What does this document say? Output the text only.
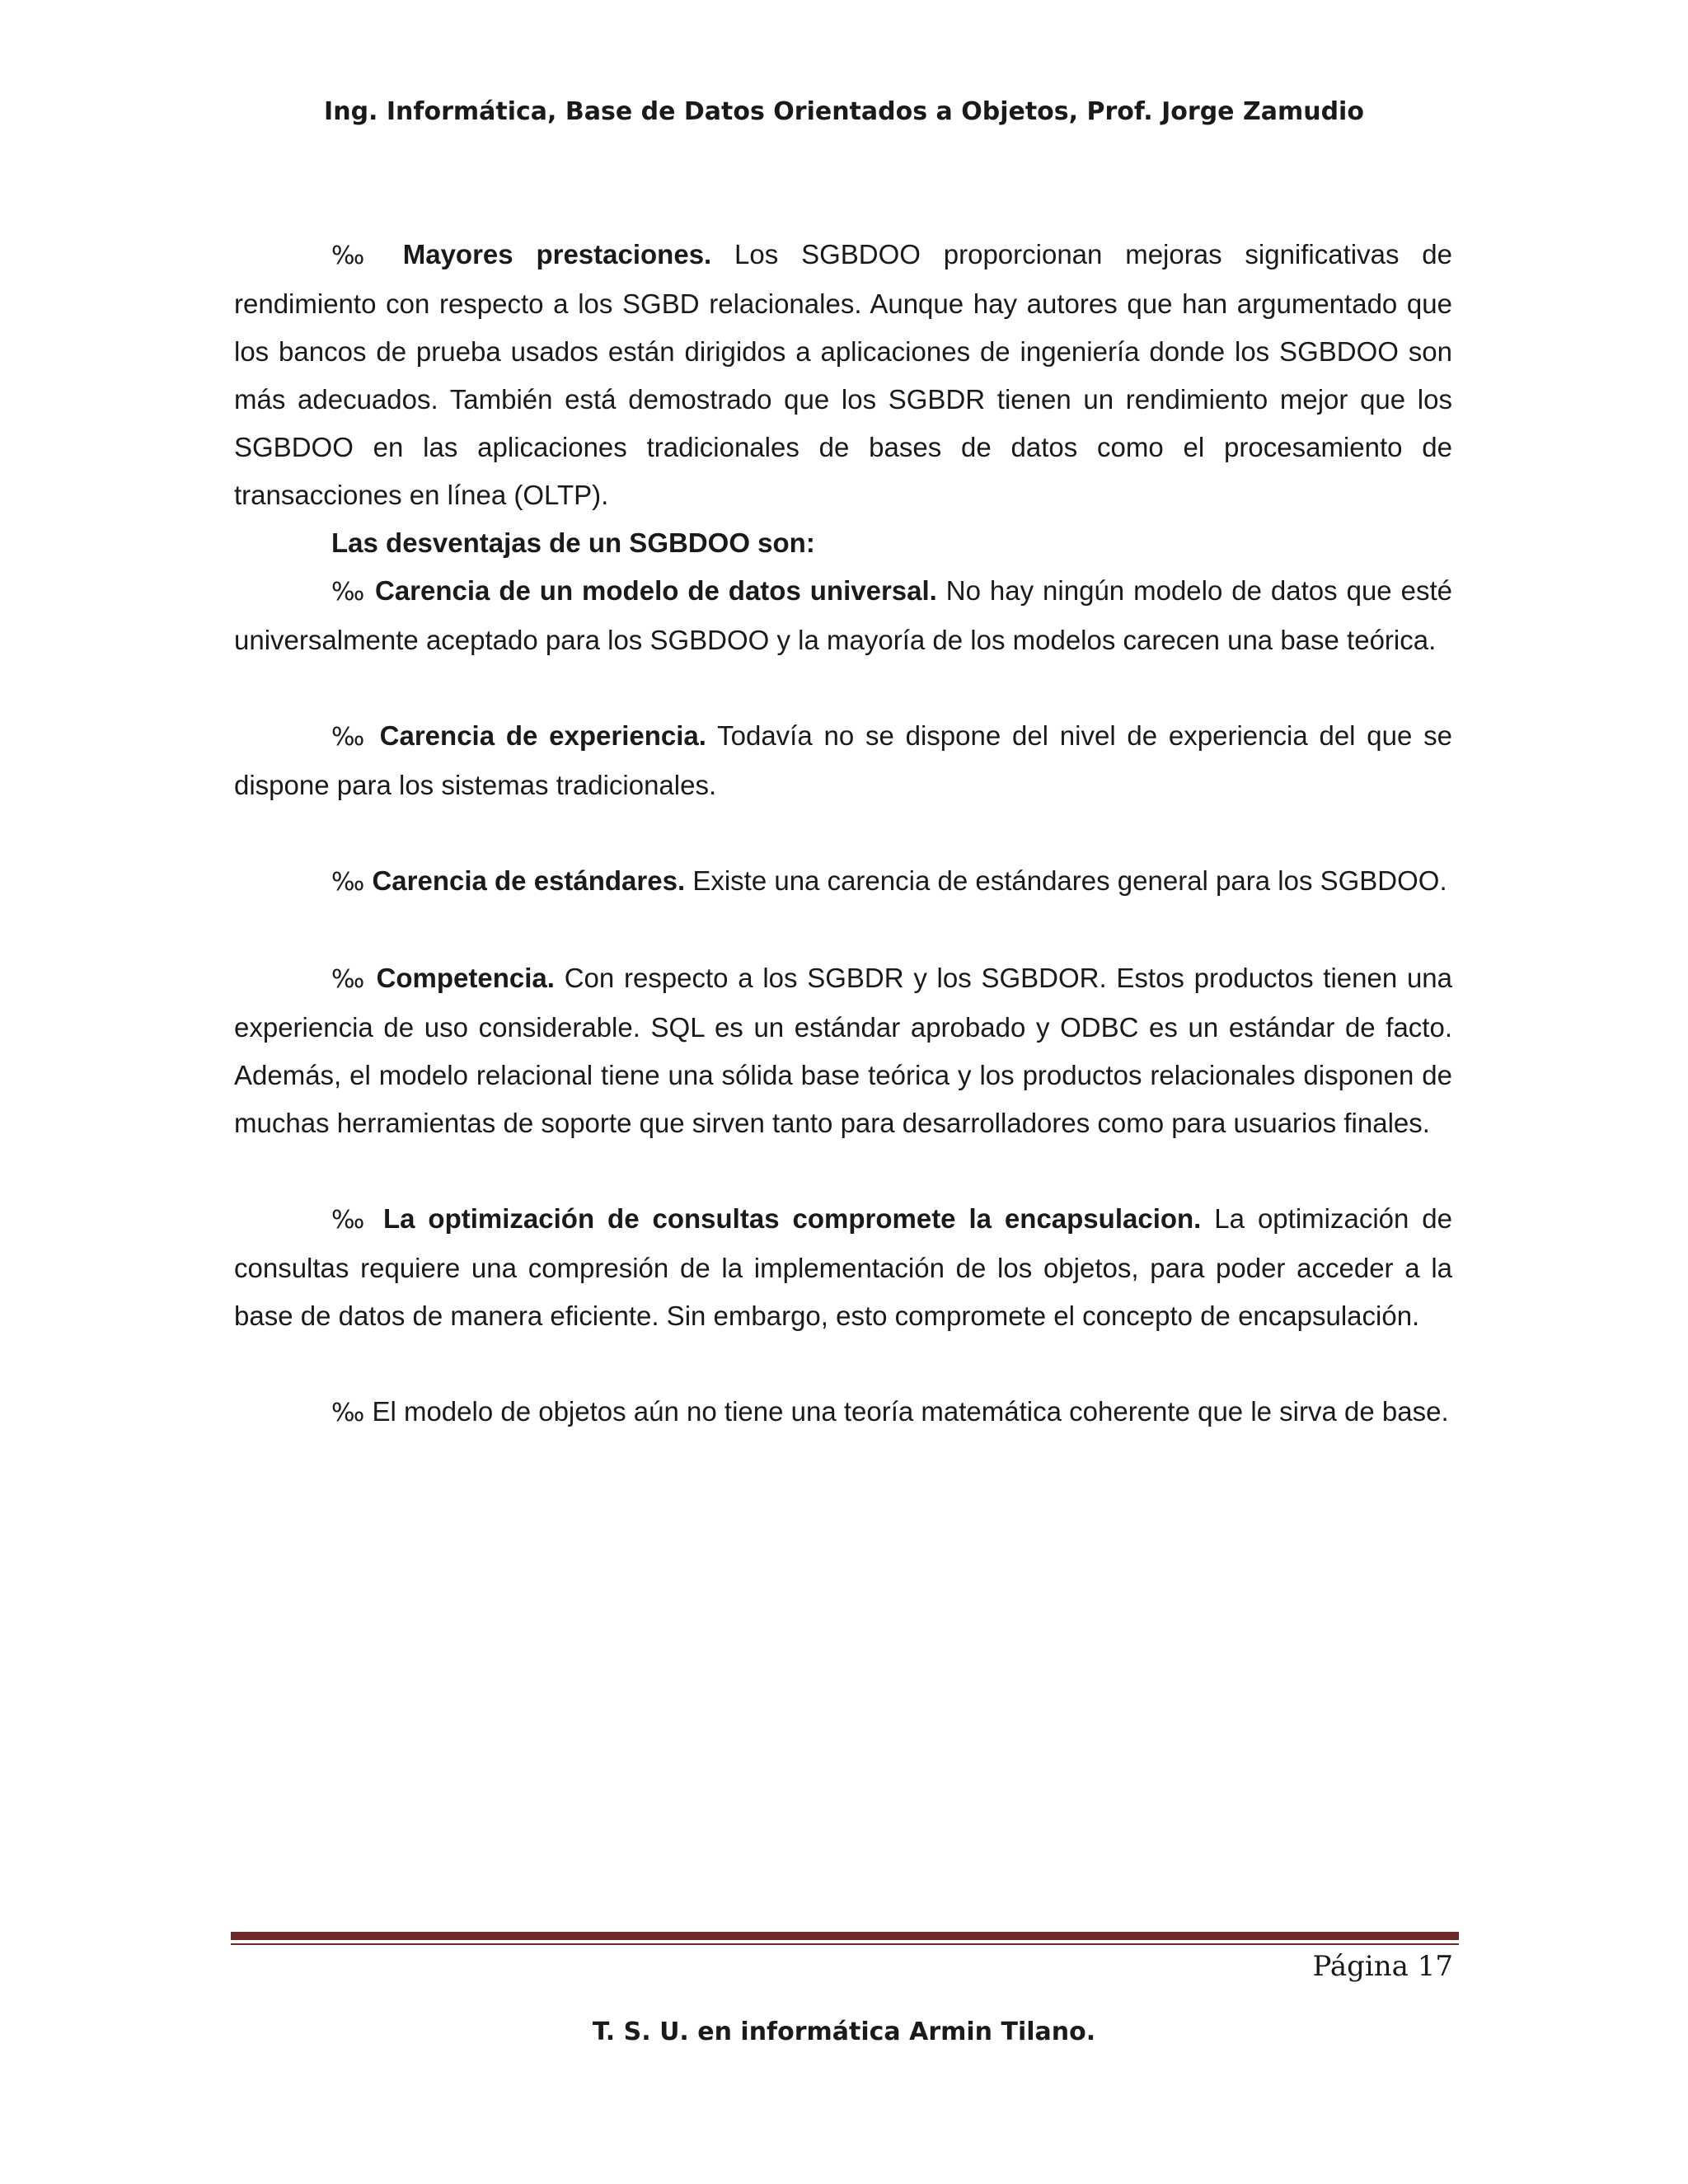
Ing. Informática, Base de Datos Orientados a Objetos, Prof. Jorge Zamudio

‰ Mayores prestaciones. Los SGBDOO proporcionan mejoras significativas de rendimiento con respecto a los SGBD relacionales. Aunque hay autores que han argumentado que los bancos de prueba usados están dirigidos a aplicaciones de ingeniería donde los SGBDOO son más adecuados. También está demostrado que los SGBDR tienen un rendimiento mejor que los SGBDOO en las aplicaciones tradicionales de bases de datos como el procesamiento de transacciones en línea (OLTP).

Las desventajas de un SGBDOO son:

‰ Carencia de un modelo de datos universal. No hay ningún modelo de datos que esté universalmente aceptado para los SGBDOO y la mayoría de los modelos carecen una base teórica.

‰ Carencia de experiencia. Todavía no se dispone del nivel de experiencia del que se dispone para los sistemas tradicionales.

‰ Carencia de estándares. Existe una carencia de estándares general para los SGBDOO.

‰ Competencia. Con respecto a los SGBDR y los SGBDOR. Estos productos tienen una experiencia de uso considerable. SQL es un estándar aprobado y ODBC es un estándar de facto. Además, el modelo relacional tiene una sólida base teórica y los productos relacionales disponen de muchas herramientas de soporte que sirven tanto para desarrolladores como para usuarios finales.

‰ La optimización de consultas compromete la encapsulacion. La optimización de consultas requiere una compresión de la implementación de los objetos, para poder acceder a la base de datos de manera eficiente. Sin embargo, esto compromete el concepto de encapsulación.

‰ El modelo de objetos aún no tiene una teoría matemática coherente que le sirva de base.

Página 17
T. S. U. en informática Armin Tilano.
